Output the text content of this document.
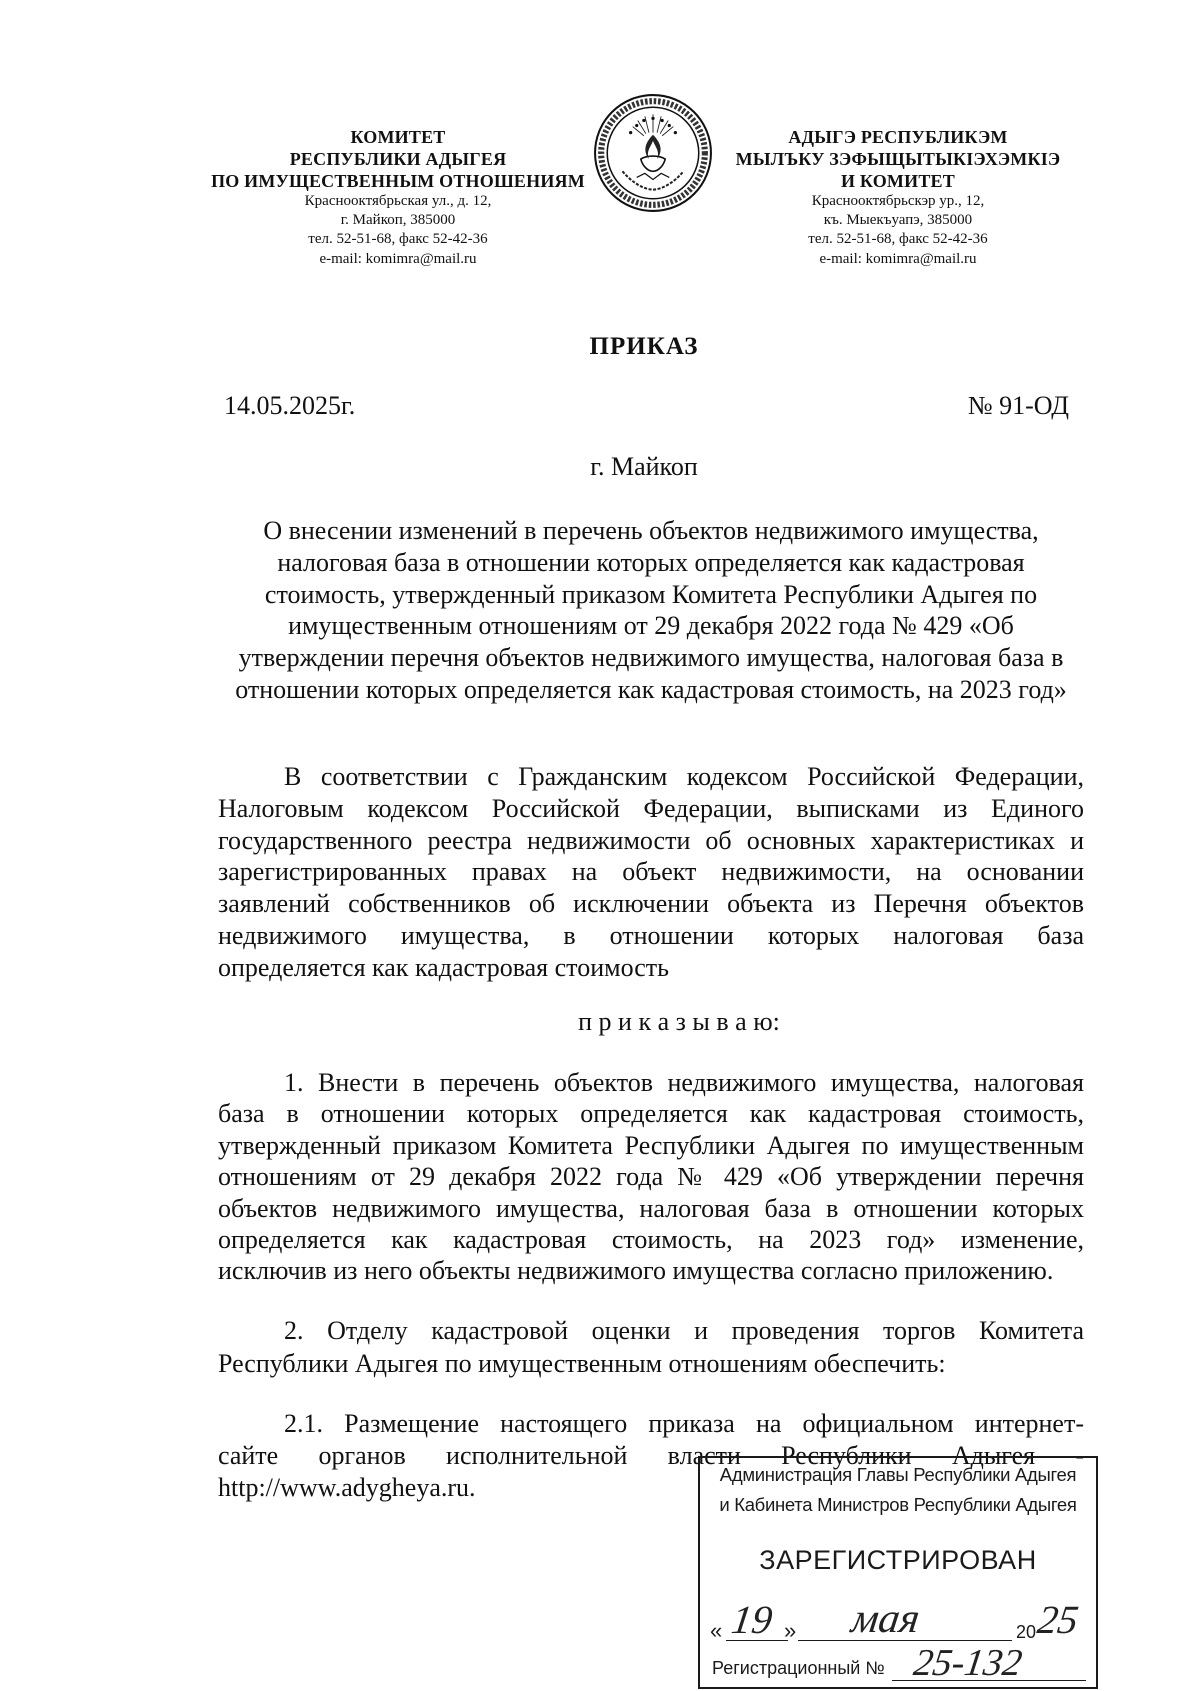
КОМИТЕТ
РЕСПУБЛИКИ АДЫГЕЯ
ПО ИМУЩЕСТВЕННЫМ ОТНОШЕНИЯМ
Краснооктябрьская ул., д. 12,
г. Майкоп, 385000
тел. 52-51-68, факс 52-42-36
e-mail: komimra@mail.ru
АДЫГЭ РЕСПУБЛИКЭМ
МЫЛЪКУ ЗЭФЫЩЫТЫКIЭХЭМКIЭ
И КОМИТЕТ
Краснооктябрьскэр ур., 12,
къ. Мыекъуапэ, 385000
тел. 52-51-68, факс 52-42-36
e-mail: komimra@mail.ru
ПРИКАЗ
14.05.2025г.	№ 91-ОД
г. Майкоп
О внесении изменений в перечень объектов недвижимого имущества,
налоговая база в отношении которых определяется как кадастровая
стоимость, утвержденный приказом Комитета Республики Адыгея по
имущественным отношениям от 29 декабря 2022 года № 429 «Об
утверждении перечня объектов недвижимого имущества, налоговая база в
отношении которых определяется как кадастровая стоимость, на 2023 год»
В соответствии с Гражданским кодексом Российской Федерации,
Налоговым кодексом Российской Федерации, выписками из Единого
государственного реестра недвижимости об основных характеристиках и
зарегистрированных правах на объект недвижимости, на основании
заявлений собственников об исключении объекта из Перечня объектов
недвижимого имущества, в отношении которых налоговая база
определяется как кадастровая стоимость
п р и к а з ы в а ю:
1. Внести в перечень объектов недвижимого имущества, налоговая
база в отношении которых определяется как кадастровая стоимость,
утвержденный приказом Комитета Республики Адыгея по имущественным
отношениям от 29 декабря 2022 года № 429 «Об утверждении перечня
объектов недвижимого имущества, налоговая база в отношении которых
определяется как кадастровая стоимость, на 2023 год» изменение,
исключив из него объекты недвижимого имущества согласно приложению.
2. Отделу кадастровой оценки и проведения торгов Комитета
Республики Адыгея по имущественным отношениям обеспечить:
2.1. Размещение настоящего приказа на официальном интернет-
сайте органов исполнительной власти Республики Адыгея -
http://www.adygheya.ru.	Администрация Главы Республики Адыгея
и Кабинета Министров Республики Адыгея
ЗАРЕГИСТРИРОВАН
« 19 » мая	20
25
Регистрационный № 25-132
